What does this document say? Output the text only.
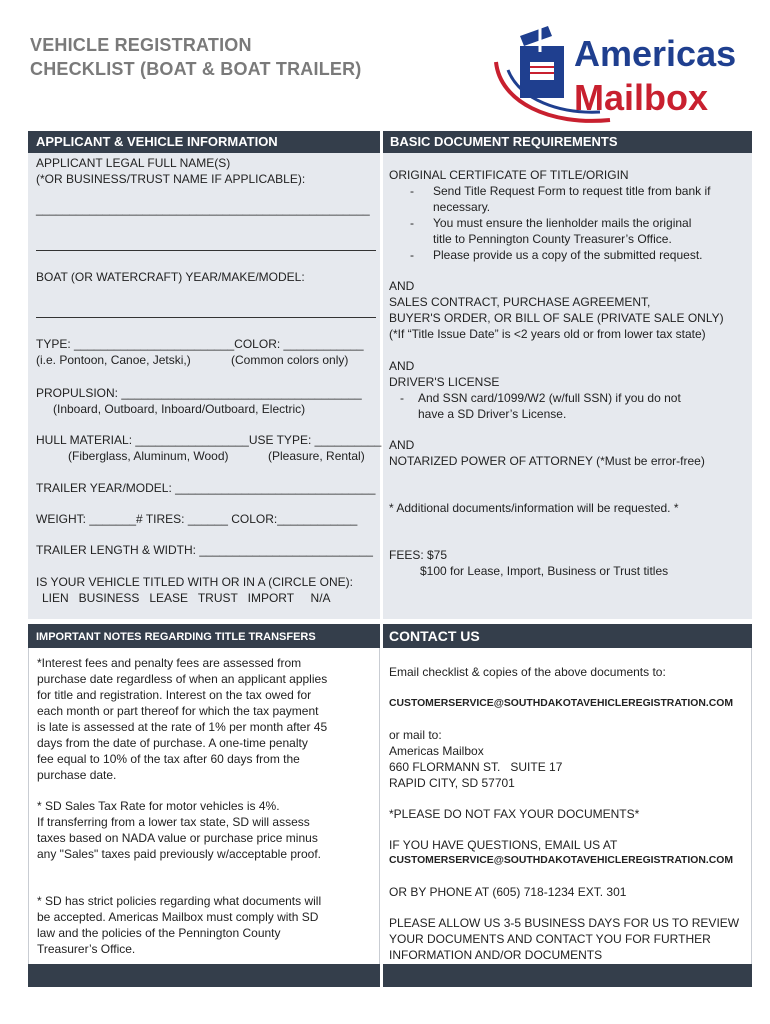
VEHICLE REGISTRATION
CHECKLIST (BOAT & BOAT TRAILER)	Americas
Mailbox
APPLICANT & VEHICLE INFORMATION
APPLICANT LEGAL FULL NAME(S)
(*OR BUSINESS/TRUST NAME IF APPLICABLE):
__________________________________________________
BOAT (OR WATERCRAFT) YEAR/MAKE/MODEL:
TYPE: ________________________COLOR: ____________
(i.e. Pontoon, Canoe, Jetski,)	(Common colors only)
PROPULSION: ____________________________________
(Inboard, Outboard, Inboard/Outboard, Electric)
HULL MATERIAL: _________________USE TYPE: __________
(Fiberglass, Aluminum, Wood)	(Pleasure, Rental)
TRAILER YEAR/MODEL: ______________________________
WEIGHT: _______# TIRES: ______ COLOR:____________
TRAILER LENGTH & WIDTH: __________________________
IS YOUR VEHICLE TITLED WITH OR IN A (CIRCLE ONE):
LIEN   BUSINESS   LEASE   TRUST   IMPORT     N/A
BASIC DOCUMENT REQUIREMENTS
ORIGINAL CERTIFICATE OF TITLE/ORIGIN
- Send Title Request Form to request title from bank if
necessary.
- You must ensure the lienholder mails the original
title to Pennington County Treasurer’s Office.
- Please provide us a copy of the submitted request.
AND
SALES CONTRACT, PURCHASE AGREEMENT,
BUYER'S ORDER, OR BILL OF SALE (PRIVATE SALE ONLY)
(*If “Title Issue Date” is <2 years old or from lower tax state)
AND
DRIVER'S LICENSE
- And SSN card/1099/W2 (w/full SSN) if you do not
have a SD Driver’s License.
AND
NOTARIZED POWER OF ATTORNEY (*Must be error-free)
* Additional documents/information will be requested. *
FEES: $75
$100 for Lease, Import, Business or Trust titles
IMPORTANT NOTES REGARDING TITLE TRANSFERS
*Interest fees and penalty fees are assessed from
purchase date regardless of when an applicant applies
for title and registration. Interest on the tax owed for
each month or part thereof for which the tax payment
is late is assessed at the rate of 1% per month after 45
days from the date of purchase. A one-time penalty
fee equal to 10% of the tax after 60 days from the
purchase date.
* SD Sales Tax Rate for motor vehicles is 4%.
If transferring from a lower tax state, SD will assess
taxes based on NADA value or purchase price minus
any "Sales" taxes paid previously w/acceptable proof.
* SD has strict policies regarding what documents will
be accepted. Americas Mailbox must comply with SD
law and the policies of the Pennington County
Treasurer’s Office.
CONTACT US
Email checklist & copies of the above documents to:
CUSTOMERSERVICE@SOUTHDAKOTAVEHICLEREGISTRATION.COM
or mail to:
Americas Mailbox
660 FLORMANN ST.   SUITE 17
RAPID CITY, SD 57701
*PLEASE DO NOT FAX YOUR DOCUMENTS*
IF YOU HAVE QUESTIONS, EMAIL US AT
CUSTOMERSERVICE@SOUTHDAKOTAVEHICLEREGISTRATION.COM
OR BY PHONE AT (605) 718-1234 EXT. 301
PLEASE ALLOW US 3-5 BUSINESS DAYS FOR US TO REVIEW
YOUR DOCUMENTS AND CONTACT YOU FOR FURTHER
INFORMATION AND/OR DOCUMENTS
